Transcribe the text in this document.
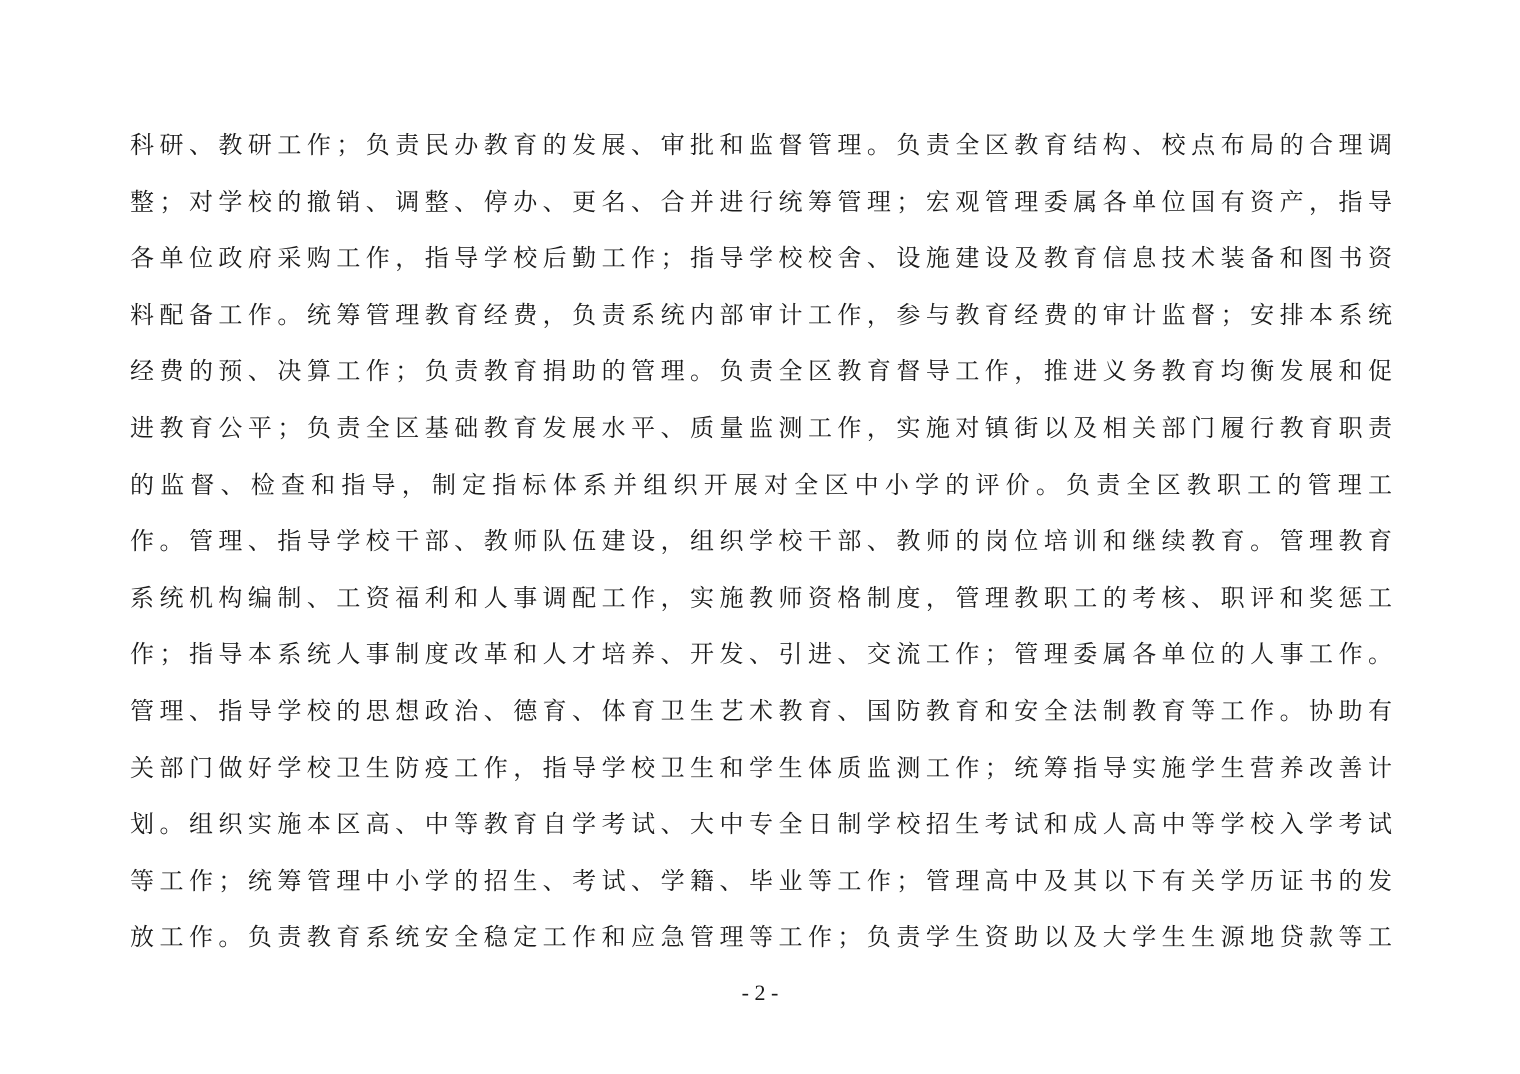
科研、教研工作；负责民办教育的发展、审批和监督管理。负责全区教育结构、校点布局的合理调
整；对学校的撤销、调整、停办、更名、合并进行统筹管理；宏观管理委属各单位国有资产，指导
各单位政府采购工作，指导学校后勤工作；指导学校校舍、设施建设及教育信息技术装备和图书资
料配备工作。统筹管理教育经费，负责系统内部审计工作，参与教育经费的审计监督；安排本系统
经费的预、决算工作；负责教育捐助的管理。负责全区教育督导工作，推进义务教育均衡发展和促
进教育公平；负责全区基础教育发展水平、质量监测工作，实施对镇街以及相关部门履行教育职责
的监督、检查和指导，制定指标体系并组织开展对全区中小学的评价。负责全区教职工的管理工
作。管理、指导学校干部、教师队伍建设，组织学校干部、教师的岗位培训和继续教育。管理教育
系统机构编制、工资福利和人事调配工作，实施教师资格制度，管理教职工的考核、职评和奖惩工
作；指导本系统人事制度改革和人才培养、开发、引进、交流工作；管理委属各单位的人事工作。
管理、指导学校的思想政治、德育、体育卫生艺术教育、国防教育和安全法制教育等工作。协助有
关部门做好学校卫生防疫工作，指导学校卫生和学生体质监测工作；统筹指导实施学生营养改善计
划。组织实施本区高、中等教育自学考试、大中专全日制学校招生考试和成人高中等学校入学考试
等工作；统筹管理中小学的招生、考试、学籍、毕业等工作；管理高中及其以下有关学历证书的发
放工作。负责教育系统安全稳定工作和应急管理等工作；负责学生资助以及大学生生源地贷款等工
- 2 -
